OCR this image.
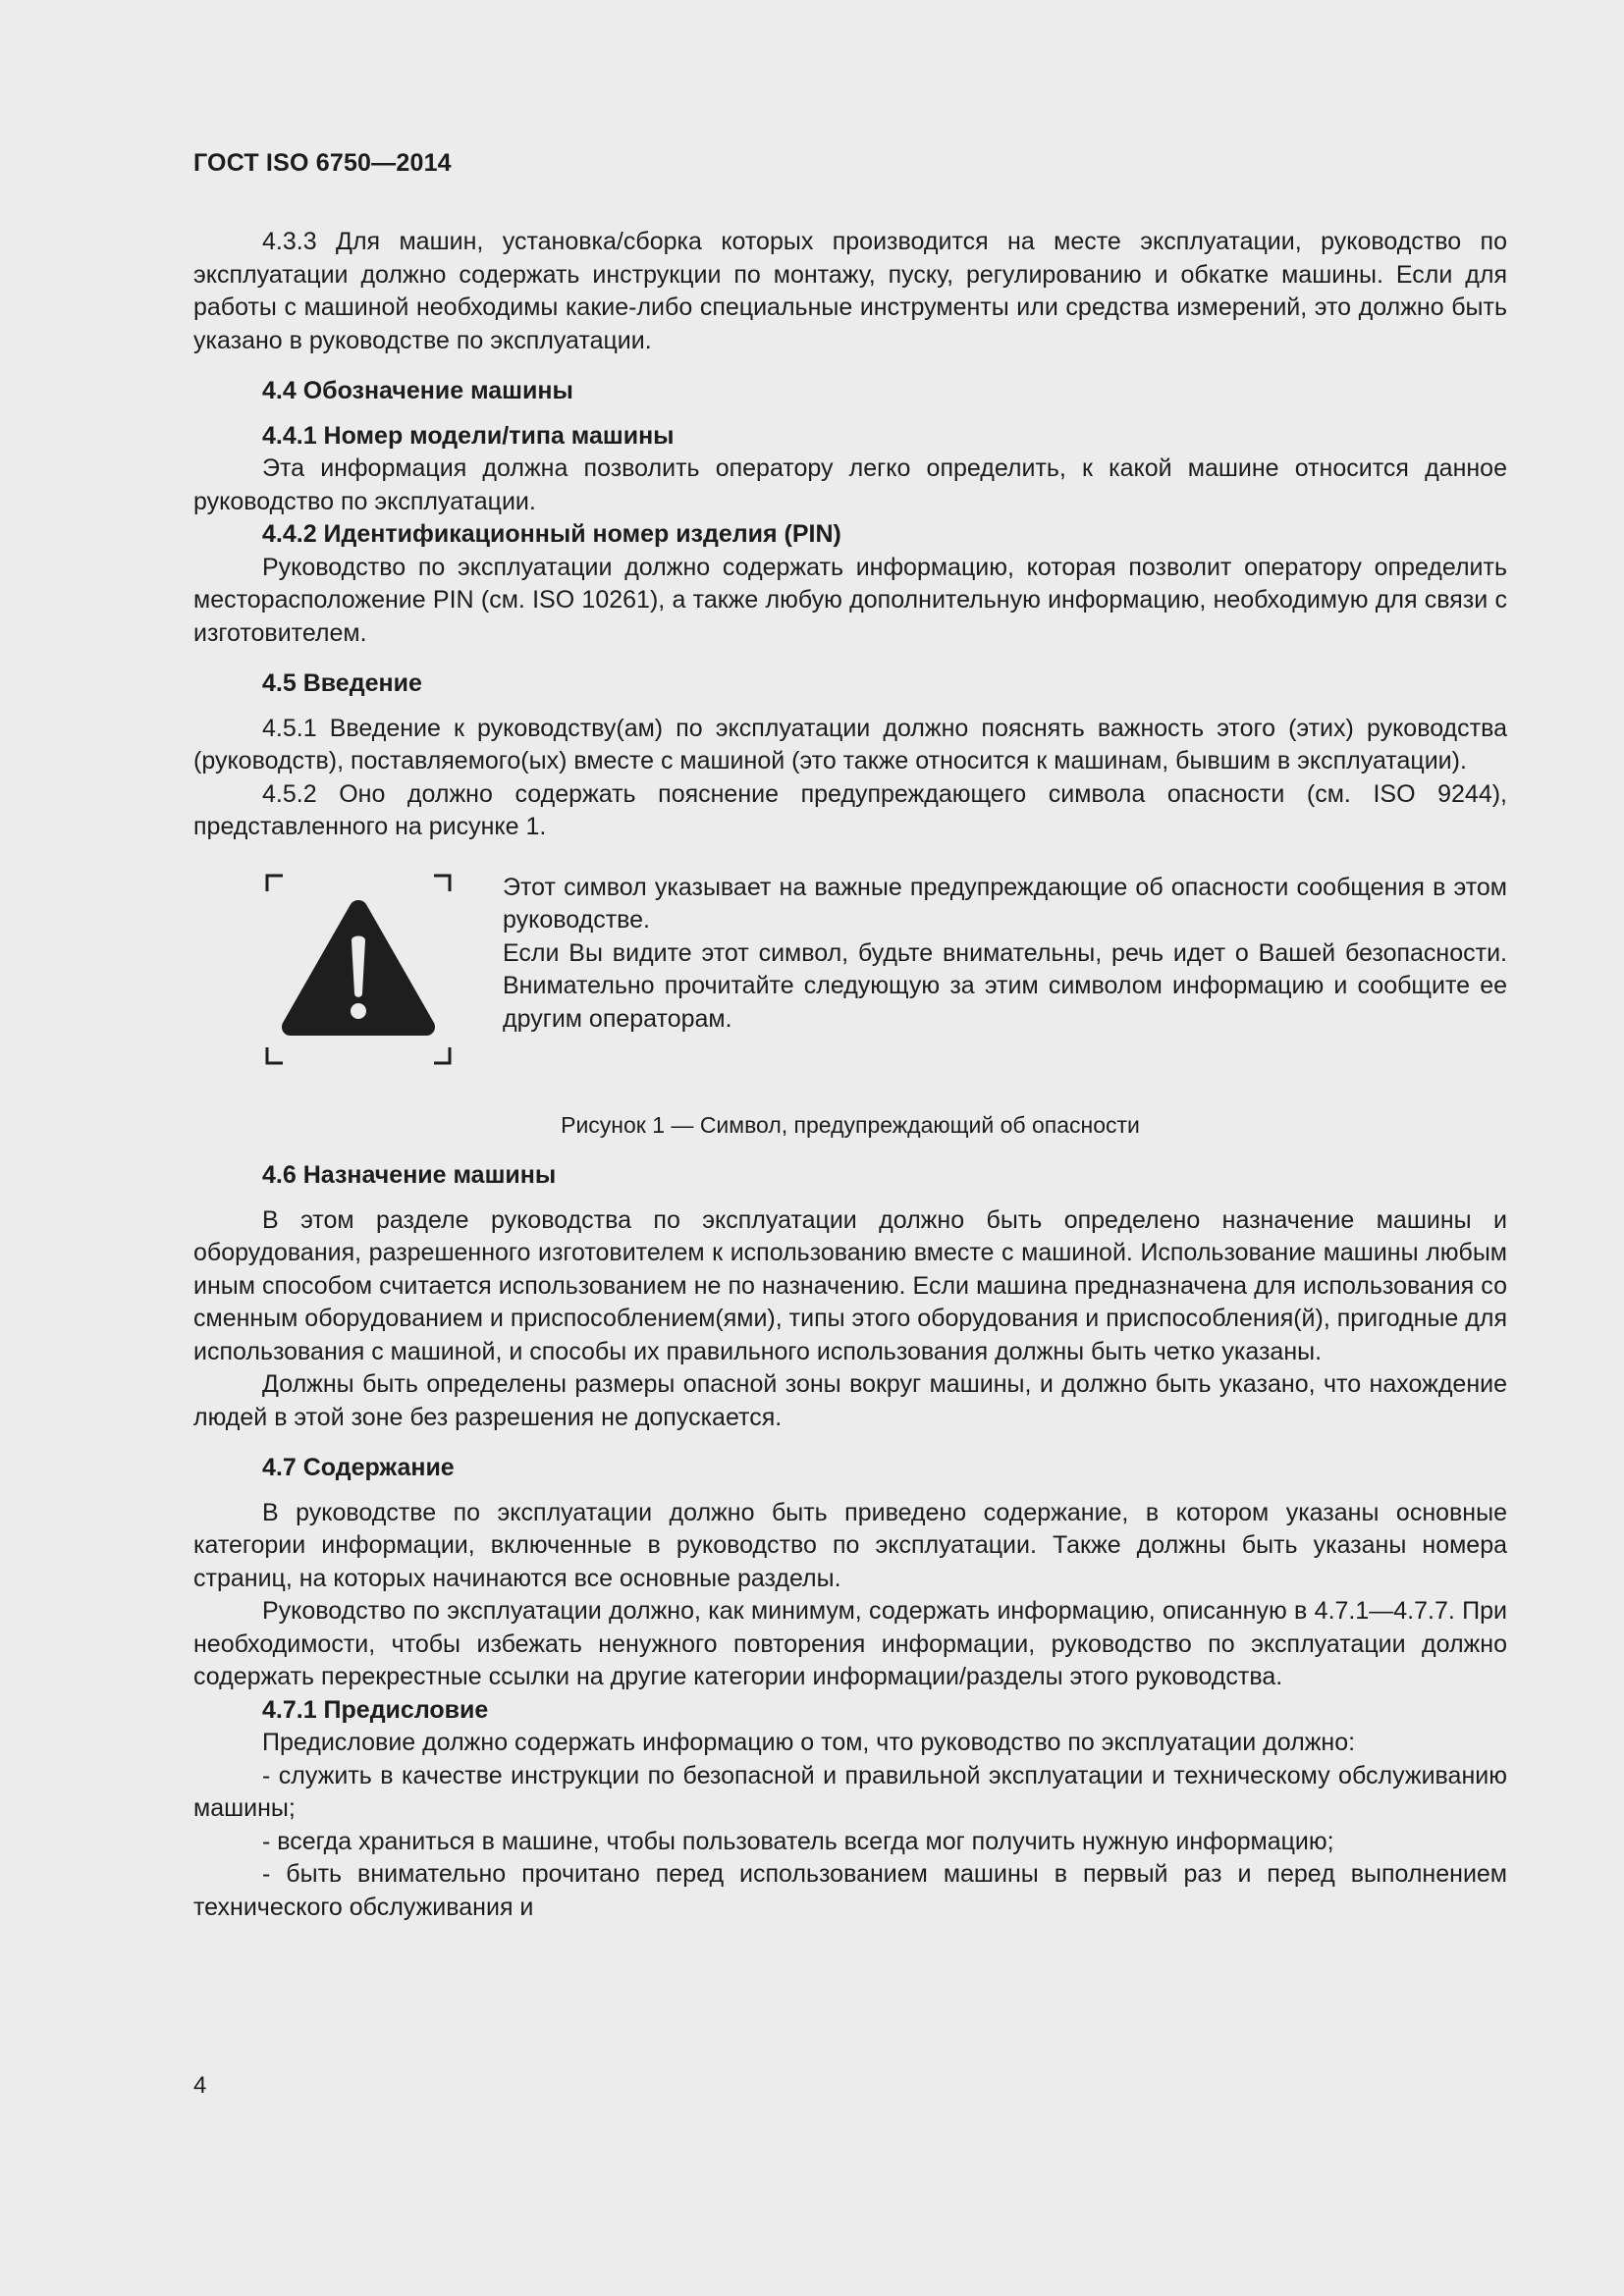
ГОСТ ISO 6750—2014

4.3.3 Для машин, установка/сборка которых производится на месте эксплуатации, руководство по эксплуатации должно содержать инструкции по монтажу, пуску, регулированию и обкатке машины. Если для работы с машиной необходимы какие-либо специальные инструменты или средства измерений, это должно быть указано в руководстве по эксплуатации.

4.4 Обозначение машины

4.4.1 Номер модели/типа машины

Эта информация должна позволить оператору легко определить, к какой машине относится данное руководство по эксплуатации.

4.4.2 Идентификационный номер изделия (PIN)

Руководство по эксплуатации должно содержать информацию, которая позволит оператору определить месторасположение PIN (см. ISO 10261), а также любую дополнительную информацию, необходимую для связи с изготовителем.

4.5 Введение

4.5.1 Введение к руководству(ам) по эксплуатации должно пояснять важность этого (этих) руководства (руководств), поставляемого(ых) вместе с машиной (это также относится к машинам, бывшим в эксплуатации).

4.5.2 Оно должно содержать пояснение предупреждающего символа опасности (см. ISO 9244), представленного на рисунке 1.

Этот символ указывает на важные предупреждающие об опасности сообщения в этом руководстве.

Если Вы видите этот символ, будьте внимательны, речь идет о Вашей безопасности. Внимательно прочитайте следующую за этим символом информацию и сообщите ее другим операторам.

Рисунок 1 — Символ, предупреждающий об опасности

4.6 Назначение машины

В этом разделе руководства по эксплуатации должно быть определено назначение машины и оборудования, разрешенного изготовителем к использованию вместе с машиной. Использование машины любым иным способом считается использованием не по назначению. Если машина предназначена для использования со сменным оборудованием и приспособлением(ями), типы этого оборудования и приспособления(й), пригодные для использования с машиной, и способы их правильного использования должны быть четко указаны.

Должны быть определены размеры опасной зоны вокруг машины, и должно быть указано, что нахождение людей в этой зоне без разрешения не допускается.

4.7 Содержание

В руководстве по эксплуатации должно быть приведено содержание, в котором указаны основные категории информации, включенные в руководство по эксплуатации. Также должны быть указаны номера страниц, на которых начинаются все основные разделы.

Руководство по эксплуатации должно, как минимум, содержать информацию, описанную в 4.7.1—4.7.7. При необходимости, чтобы избежать ненужного повторения информации, руководство по эксплуатации должно содержать перекрестные ссылки на другие категории информации/разделы этого руководства.

4.7.1 Предисловие

Предисловие должно содержать информацию о том, что руководство по эксплуатации должно:

- служить в качестве инструкции по безопасной и правильной эксплуатации и техническому обслуживанию машины;

- всегда храниться в машине, чтобы пользователь всегда мог получить нужную информацию;

- быть внимательно прочитано перед использованием машины в первый раз и перед выполнением технического обслуживания и

4
